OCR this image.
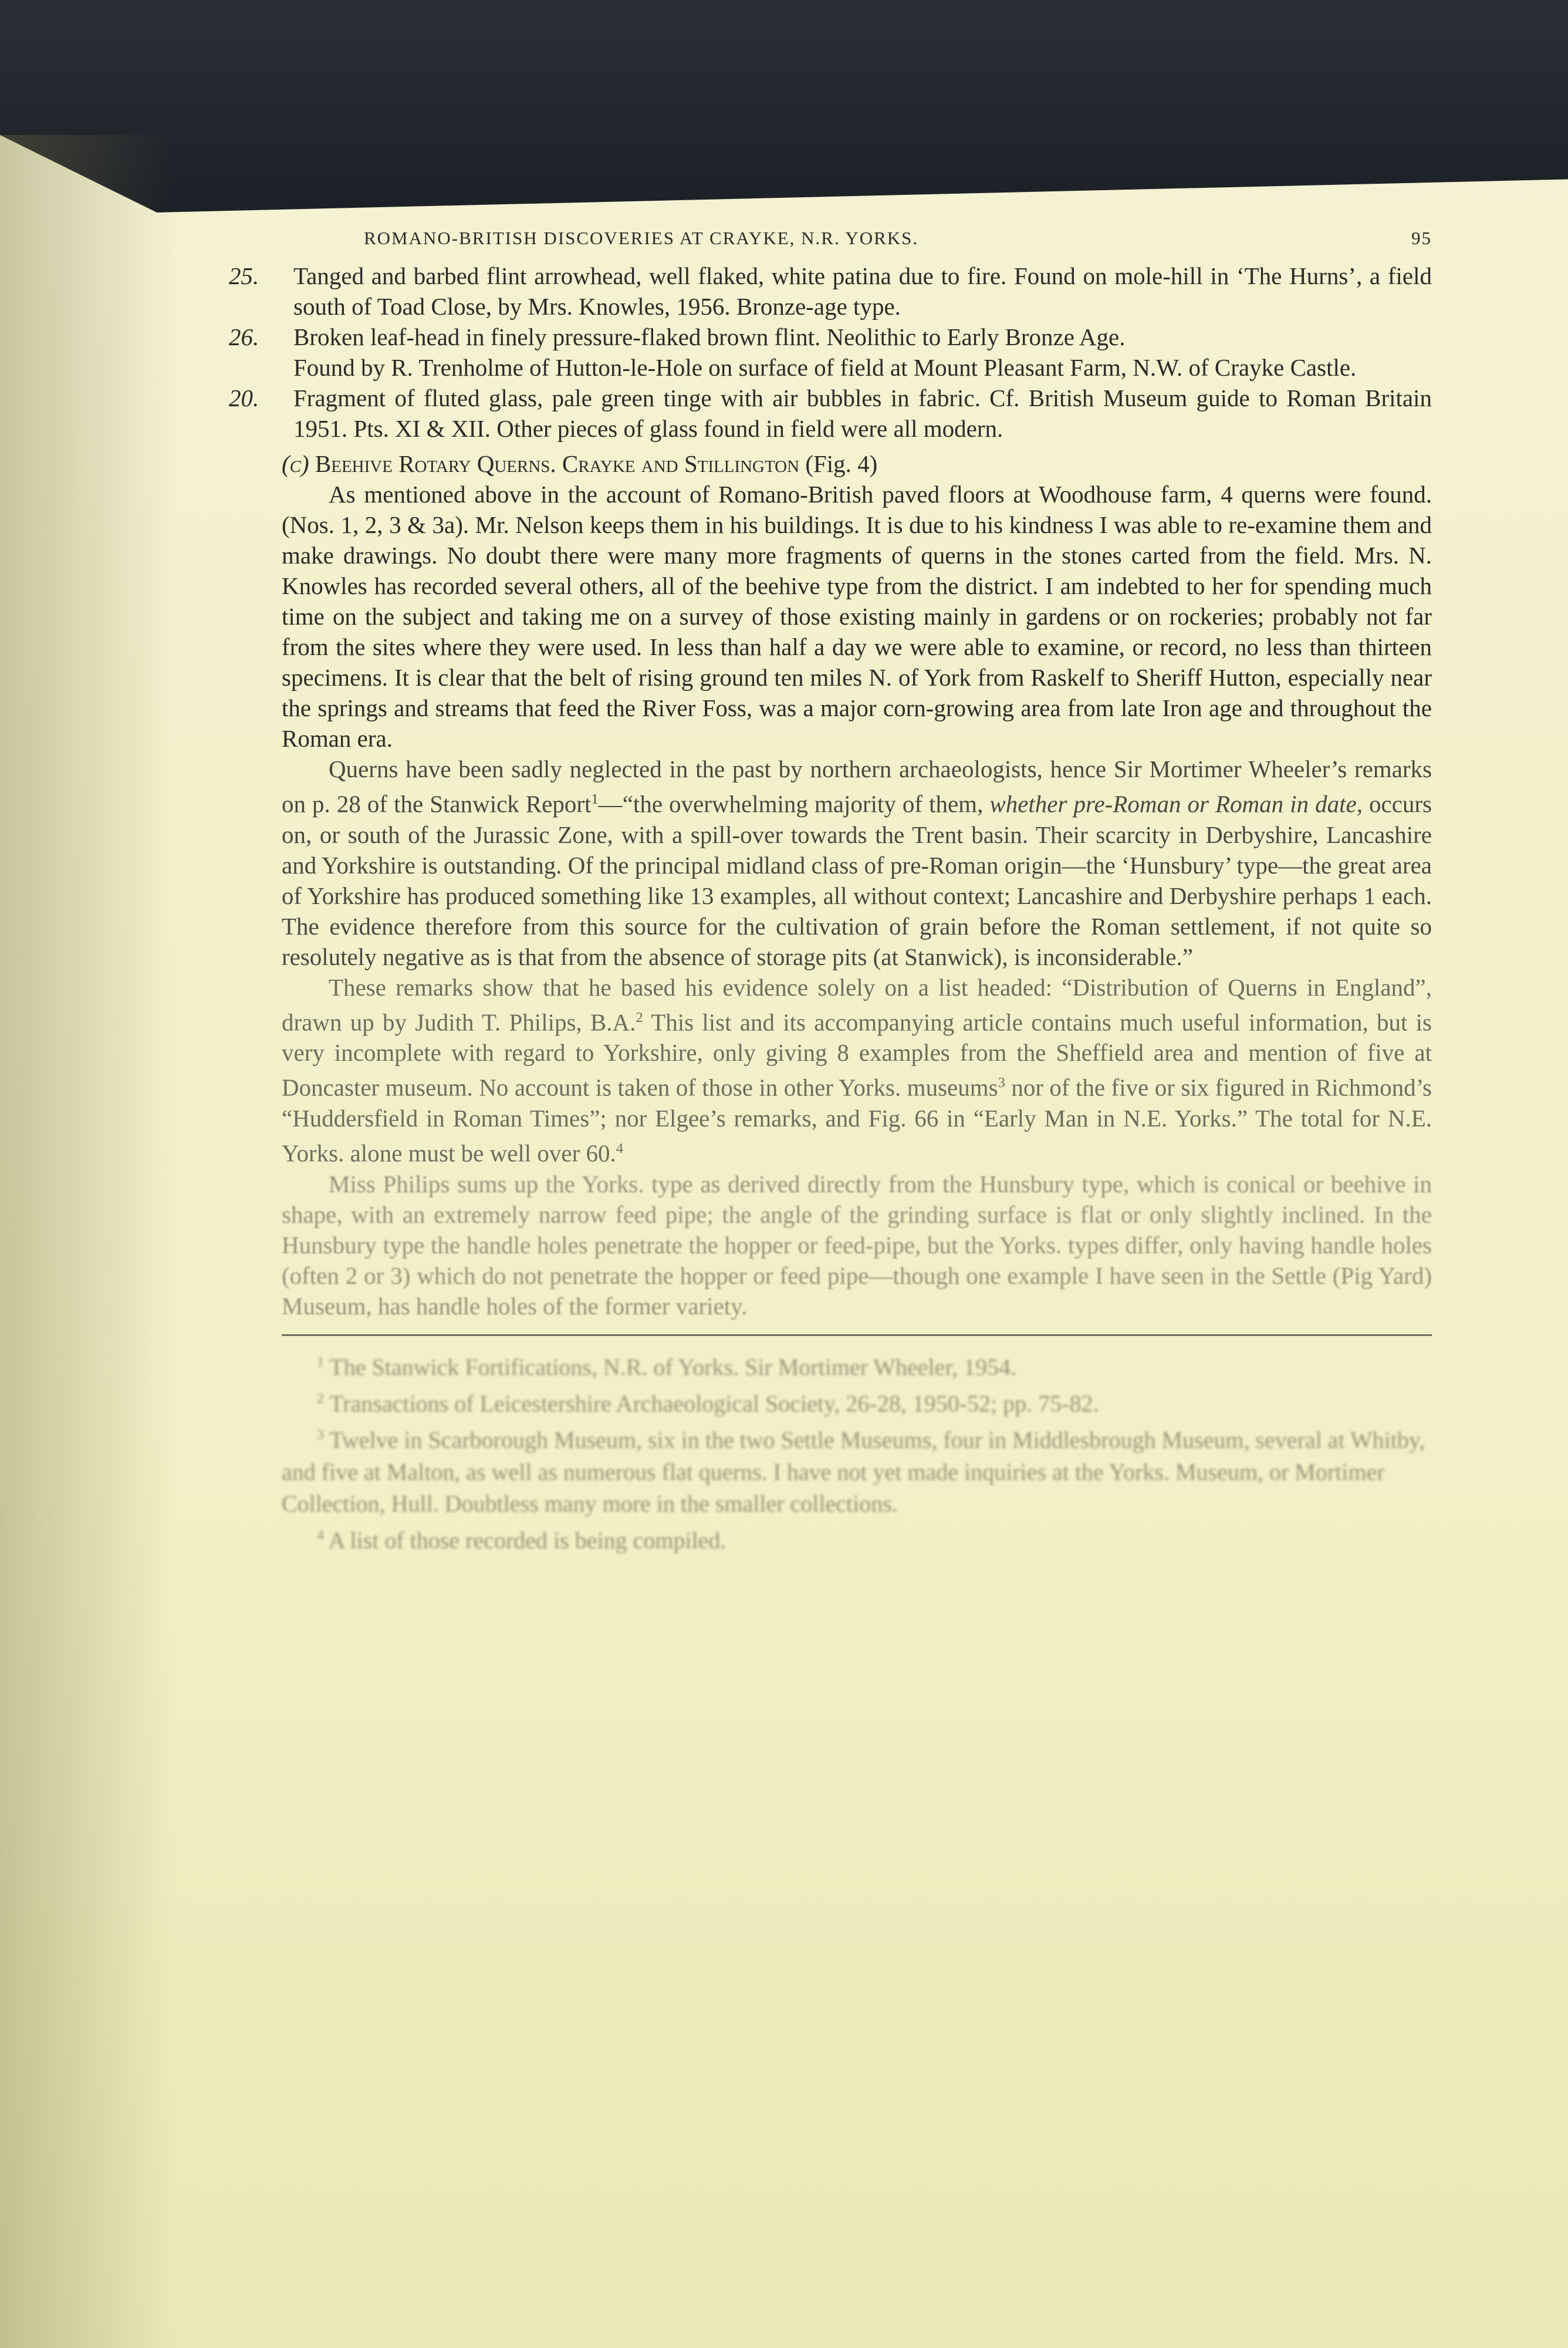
ROMANO-BRITISH DISCOVERIES AT CRAYKE, N.R. YORKS.	95
25.	Tanged and barbed flint arrowhead, well flaked, white patina due to fire. Found on mole-hill in ‘The Hurns’, a field south of Toad Close, by Mrs. Knowles, 1956. Bronze-age type.

26.	Broken leaf-head in finely pressure-flaked brown flint. Neolithic to Early Bronze Age.

Found by R. Trenholme of Hutton-le-Hole on surface of field at Mount Pleasant Farm, N.W. of Crayke Castle.

20.	Fragment of fluted glass, pale green tinge with air bubbles in fabric. Cf. British Museum guide to Roman Britain 1951. Pts. XI & XII. Other pieces of glass found in field were all modern.

(c) Beehive Rotary Querns. Crayke and Stillington (Fig. 4)

As mentioned above in the account of Romano-British paved floors at Woodhouse farm, 4 querns were found. (Nos. 1, 2, 3 & 3a). Mr. Nelson keeps them in his buildings. It is due to his kindness I was able to re-examine them and make drawings. No doubt there were many more fragments of querns in the stones carted from the field. Mrs. N. Knowles has recorded several others, all of the beehive type from the district. I am indebted to her for spending much time on the subject and taking me on a survey of those existing mainly in gardens or on rockeries; probably not far from the sites where they were used. In less than half a day we were able to examine, or record, no less than thirteen specimens. It is clear that the belt of rising ground ten miles N. of York from Raskelf to Sheriff Hutton, especially near the springs and streams that feed the River Foss, was a major corn-growing area from late Iron age and throughout the Roman era.

Querns have been sadly neglected in the past by northern archaeologists, hence Sir Mortimer Wheeler’s remarks on p. 28 of the Stanwick Report$^1$—“the overwhelming majority of them, whether pre-Roman or Roman in date, occurs on, or south of the Jurassic Zone, with a spill-over towards the Trent basin. Their scarcity in Derbyshire, Lancashire and Yorkshire is outstanding. Of the principal midland class of pre-Roman origin—the ‘Hunsbury’ type—the great area of Yorkshire has produced something like 13 examples, all without context; Lancashire and Derbyshire perhaps 1 each. The evidence therefore from this source for the cultivation of grain before the Roman settlement, if not quite so resolutely negative as is that from the absence of storage pits (at Stanwick), is inconsiderable.”

These remarks show that he based his evidence solely on a list headed: “Distribution of Querns in England”, drawn up by Judith T. Philips, B.A.$^2$ This list and its accompanying article contains much useful information, but is very incomplete with regard to Yorkshire, only giving 8 examples from the Sheffield area and mention of five at Doncaster museum. No account is taken of those in other Yorks. museums$^3$ nor of the five or six figured in Richmond’s “Huddersfield in Roman Times”; nor Elgee’s remarks, and Fig. 66 in “Early Man in N.E. Yorks.” The total for N.E. Yorks. alone must be well over 60.$^4$

Miss Philips sums up the Yorks. type as derived directly from the Hunsbury type, which is conical or beehive in shape, with an extremely narrow feed pipe; the angle of the grinding surface is flat or only slightly inclined. In the Hunsbury type the handle holes penetrate the hopper or feed-pipe, but the Yorks. types differ, only having handle holes (often 2 or 3) which do not penetrate the hopper or feed pipe—though one example I have seen in the Settle (Pig Yard) Museum, has handle holes of the former variety.

$^1$ The Stanwick Fortifications, N.R. of Yorks. Sir Mortimer Wheeler, 1954.

$^2$ Transactions of Leicestershire Archaeological Society, 26-28, 1950-52; pp. 75-82.

$^3$ Twelve in Scarborough Museum, six in the two Settle Museums, four in Middlesbrough Museum, several at Whitby, and five at Malton, as well as numerous flat querns. I have not yet made inquiries at the Yorks. Museum, or Mortimer Collection, Hull. Doubtless many more in the smaller collections.

$^4$ A list of those recorded is being compiled.
